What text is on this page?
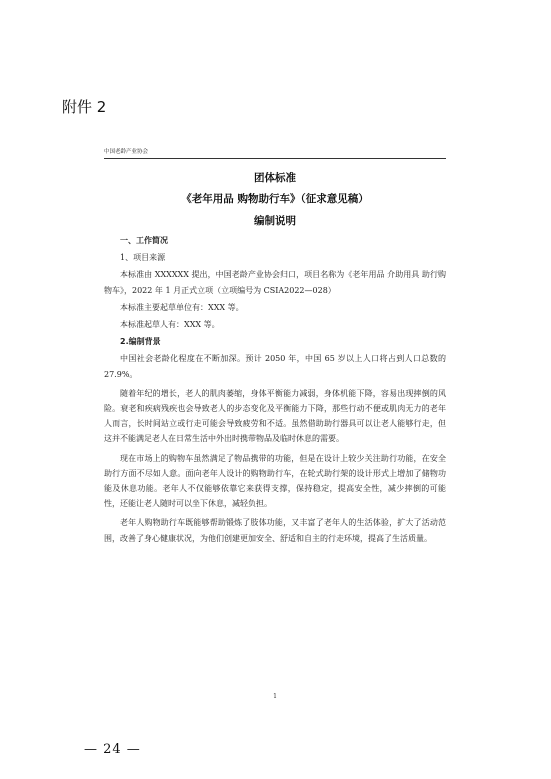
附件 2
中国老龄产业协会
团体标准
《老年用品 购物助行车》（征求意见稿）
编制说明
一、工作简况
1、项目来源
本标准由 XXXXXX 提出，中国老龄产业协会归口，项目名称为《老年用品 介助用具 助行购物车》，2022 年 1 月正式立项（立项编号为 CSIA2022—028）
本标准主要起草单位有：XXX 等。
本标准起草人有：XXX 等。
2.编制背景
中国社会老龄化程度在不断加深。预计 2050 年，中国 65 岁以上人口将占到人口总数的 27.9%。
随着年纪的增长，老人的肌肉萎缩，身体平衡能力减弱，身体机能下降，容易出现摔倒的风险。衰老和疾病残疾也会导致老人的步态变化及平衡能力下降，那些行动不便或肌肉无力的老年人而言，长时间站立或行走可能会导致疲劳和不适。虽然借助助行器具可以让老人能够行走，但这并不能满足老人在日常生活中外出时携带物品及临时休息的需要。
现在市场上的购物车虽然满足了物品携带的功能，但是在设计上较少关注助行功能，在安全助行方面不尽如人意。面向老年人设计的购物助行车，在轮式助行架的设计形式上增加了储物功能及休息功能。老年人不仅能够依靠它来获得支撑，保持稳定，提高安全性，减少摔倒的可能性，还能让老人随时可以坐下休息，减轻负担。
老年人购物助行车既能够帮助锻炼了肢体功能，又丰富了老年人的生活体验，扩大了活动范围，改善了身心健康状况，为他们创建更加安全、舒适和自主的行走环境，提高了生活质量。
1
— 24 —
